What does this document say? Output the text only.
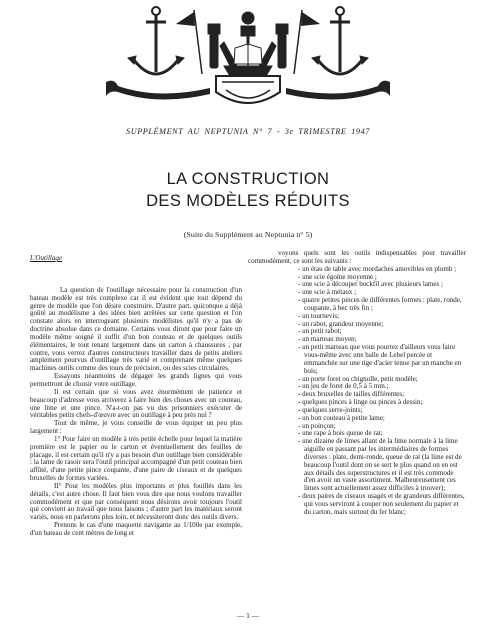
SUPPLÉMENT AU NEPTUNIA N° 7 - 3e TRIMESTRE 1947
LA CONSTRUCTION
DES MODÈLES RÉDUITS
(Suite du Supplément au Neptunia n° 5)

L'Outillage

La question de l'outillage nécessaire pour la construction d'un bateau modèle est très complexe car il est évident que tout dépend du genre de modèle que l'on désire construire. D'autre part, quiconque a déjà goûté au modélisme a des idées bien arrêtées sur cette question et l'on constate alors en interrogeant plusieurs modélistes qu'il n'y a pas de doctrine absolue dans ce domaine. Certains vous diront que pour faire un modèle même soigné il suffit d'un bon couteau et de quelques outils élémentaires, le tout tenant largement dans un carton à chaussures ; par contre, vous verrez d'autres constructeurs travailler dans de petits ateliers amplement pourvus d'outillage très varié et comprenant même quelques machines outils comme des tours de précision, ou des scies circulaires.

Essayons néanmoins de dégager les grands lignes qui vous permettront de choisir votre outillage.

Il est certain que si vous avez énormément de patience et beaucoup d'adresse vous arriverez à faire bien des choses avec un couteau, une lime et une pince. N'a-t-on pas vu des prisonniers exécuter de véritables petits chefs-d'œuvre avec un outillage à peu près nul ?

Tout de même, je vous conseille de vous équiper un peu plus largement :

1° Pour faire un modèle à très petite échelle pour lequel la matière première est le papier ou le carton et éventuellement des feuilles de placage, il est certain qu'il n'y a pas besoin d'un outillage bien considérable : la lame de rasoir sera l'outil principal accompagné d'un petit couteau bien affûté, d'une petite pince coupante, d'une paire de ciseaux et de quelques bruxelles de formes variées.

II° Pour les modèles plus importants et plus fouillés dans les détails, c'est autre chose. Il faut bien vous dire que nous voulons travailler commodément et que par conséquent nous désirons avoir toujours l'outil qui convient au travail que nous faisons ; d'autre part les matériaux seront variés, nous en parlerons plus loin, et nécessiteront donc des outils divers.

Prenons le cas d'une maquette navigante au 1/100e par exemple, d'un bateau de cent mètres de long et

voyons quels sont les outils indispensables pour travailler commodément, ce sont les suivants :

- un étau de table avec mordaches amovibles en plomb ;
- une scie égoïne moyenne ;
- une scie à découper bockfil avec plusieurs lames ;
- une scie à métaux ;
- quatre petites pinces de différentes formes : plate, ronde, coupante, à bec très fin ;
- un tournevis;
- un rabot, grandeur moyenne;
- un petit rabot;
- un marteau moyen;
- un petit marteau que vous pourrez d'ailleurs vous faire vous-même avec une balle de Lebel percée et emmanchée sur une tige d'acier tenue par un manche en bois;
- un porte foret ou chignolle, petit modèle;
- un jeu de foret de 0,5 à 5 mm.;
- deux bruxelles de tailles différentes;
- quelques pinces à linge ou pinces à dessin;
- quelques serre-joints;
- un bon couteau à petite lame;
- un poinçon;
- une rape à bois queue de rat;
- une dizaine de limes allant de la lime normale à la lime aiguille en passant par les intermédiaires de formes diverses : plate, demi-ronde, queue de rat (la lime est de beaucoup l'outil dont on se sert le plus quand on en est aux détails des superstructures et il est très commode d'en avoir un vaste assortiment. Malheureusement ces limes sont actuellement assez difficiles à trouver);
- deux paires de ciseaux usagés et de grandeurs différentes, qui vous serviront à couper non seulement du papier et du carton, mais surtout du fer blanc;
— 1 —
